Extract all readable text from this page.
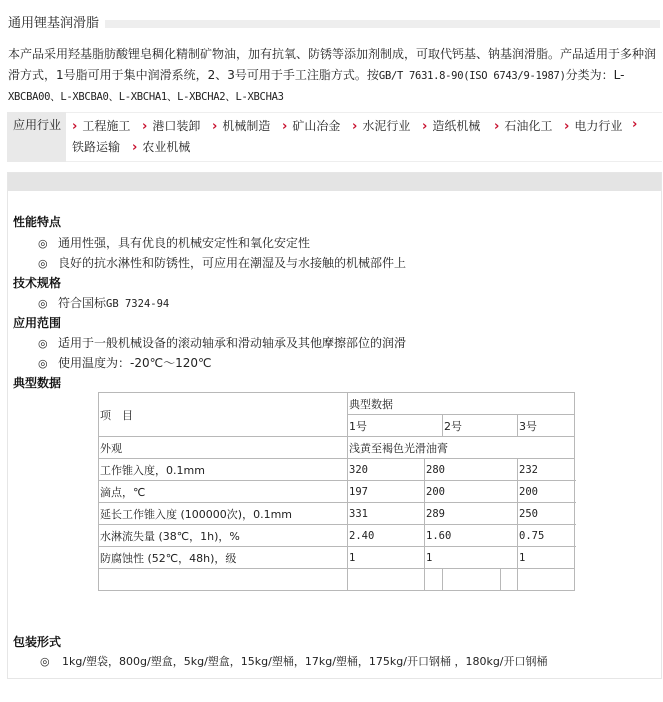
通用锂基润滑脂
本产品采用羟基脂肪酸锂皂稠化精制矿物油，加有抗氧、防锈等添加剂制成，可取代钙基、钠基润滑脂。产品适用于多种润
滑方式，1号脂可用于集中润滑系统，2、3号可用于手工注脂方式。按GB/T 7631.8-90(ISO 6743/9-1987)分类为：L-
XBCBA00、L-XBCBA0、L-XBCHA1、L-XBCHA2、L-XBCHA3
应用行业 › 工程施工 › 港口装卸 › 机械制造 › 矿山冶金 › 水泥行业 › 造纸机械 › 石油化工 › 电力行业 ›
铁路运输 › 农业机械
性能特点
◎ 通用性强，具有优良的机械安定性和氧化安定性
◎ 良好的抗水淋性和防锈性，可应用在潮湿及与水接触的机械部件上
技术规格
◎ 符合国标GB 7324-94
应用范围
◎ 适用于一般机械设备的滚动轴承和滑动轴承及其他摩擦部位的润滑
◎ 使用温度为：-20℃～120℃
典型数据
项　目	典型数据				
	1号		2号		3号
外观	浅黄至褐色光滑油膏				
工作锥入度，0.1mm	320	280			232
滴点，℃	197	200			200
延长工作锥入度 (100000次)，0.1mm	331	289			250
水淋流失量 (38℃，1h)，%	2.40	1.60			0.75
防腐蚀性 (52℃，48h)，级	1	1			1

包装形式
◎ 1kg/塑袋，800g/塑盒，5kg/塑盒，15kg/塑桶，17kg/塑桶，175kg/开口钢桶 ，180kg/开口钢桶
